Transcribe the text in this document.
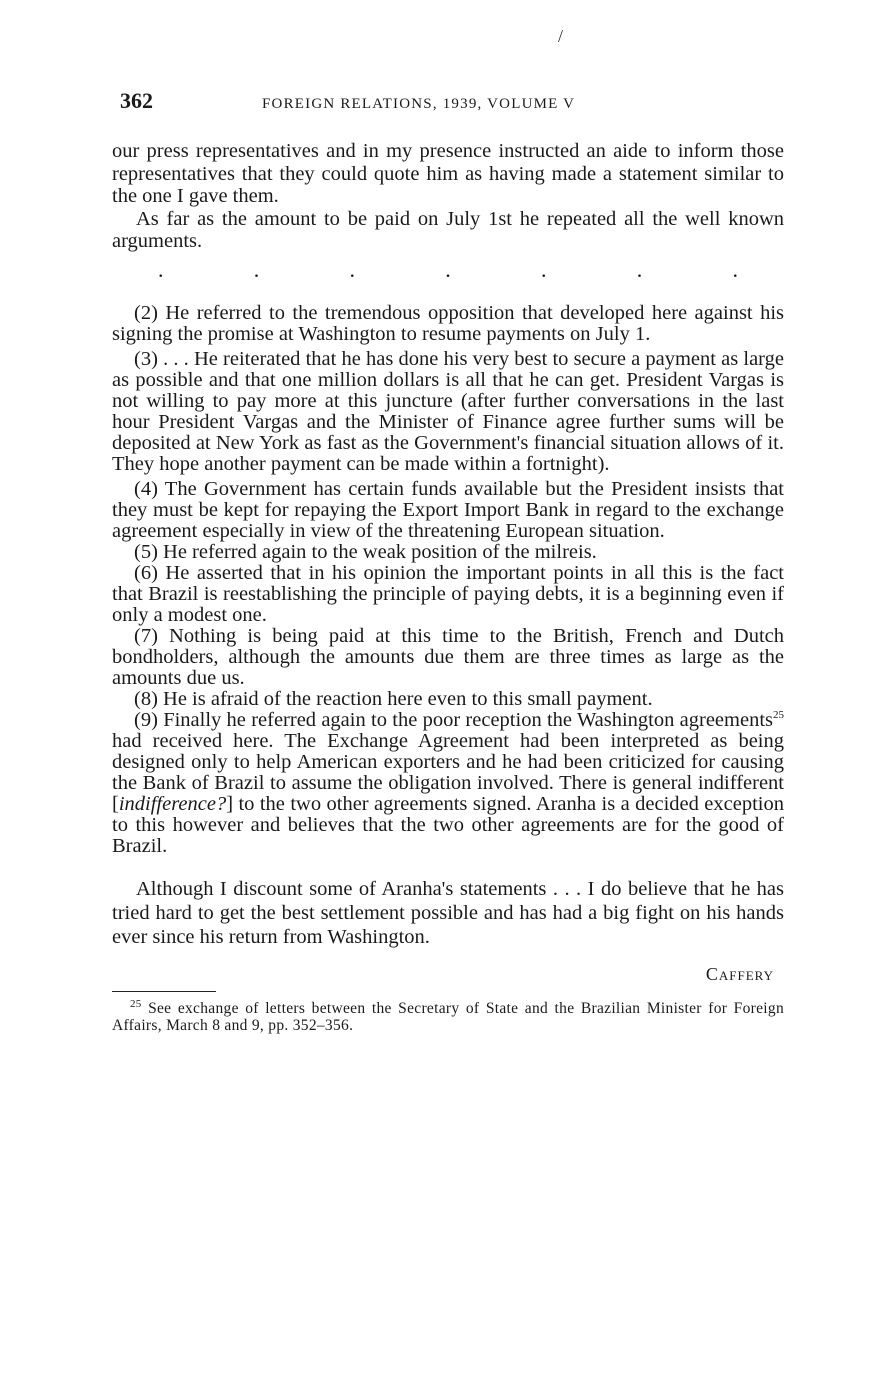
/
362	FOREIGN RELATIONS, 1939, VOLUME V

our press representatives and in my presence instructed an aide to inform those representatives that they could quote him as having made a statement similar to the one I gave them.

As far as the amount to be paid on July 1st he repeated all the well known arguments.

.	.	.	.	.	.	.

(2) He referred to the tremendous opposition that developed here against his signing the promise at Washington to resume payments on July 1.

(3) . . . He reiterated that he has done his very best to secure a payment as large as possible and that one million dollars is all that he can get. President Vargas is not willing to pay more at this juncture (after further conversations in the last hour President Vargas and the Minister of Finance agree further sums will be deposited at New York as fast as the Government's financial situation allows of it. They hope another payment can be made within a fortnight).

(4) The Government has certain funds available but the President insists that they must be kept for repaying the Export Import Bank in regard to the exchange agreement especially in view of the threatening European situation.

(5) He referred again to the weak position of the milreis.

(6) He asserted that in his opinion the important points in all this is the fact that Brazil is reestablishing the principle of paying debts, it is a beginning even if only a modest one.

(7) Nothing is being paid at this time to the British, French and Dutch bondholders, although the amounts due them are three times as large as the amounts due us.

(8) He is afraid of the reaction here even to this small payment.

(9) Finally he referred again to the poor reception the Washington agreements$^{25}$ had received here. The Exchange Agreement had been interpreted as being designed only to help American exporters and he had been criticized for causing the Bank of Brazil to assume the obligation involved. There is general indifferent [indifference?] to the two other agreements signed. Aranha is a decided exception to this however and believes that the two other agreements are for the good of Brazil.

Although I discount some of Aranha's statements . . . I do believe that he has tried hard to get the best settlement possible and has had a big fight on his hands ever since his return from Washington.

Caffery

$^{25}$ See exchange of letters between the Secretary of State and the Brazilian Minister for Foreign Affairs, March 8 and 9, pp. 352–356.
